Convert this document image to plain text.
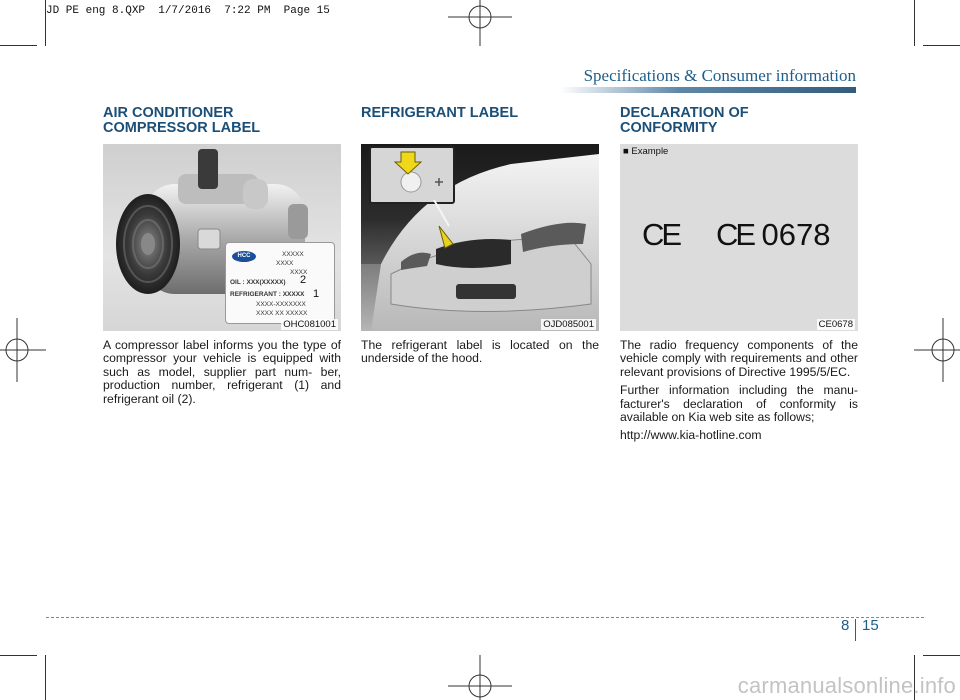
JD PE eng 8.QXP  1/7/2016  7:22 PM  Page 15
Specifications & Consumer information
AIR CONDITIONER
COMPRESSOR LABEL
HCC	XXXXX
XXXX
XXXX
OIL : XXX(XXXXX) 2
REFRIGERANT : XXXXX
XXXX-XXXXXXX
XXXX XX XXXXX
1
OHC081001

A compressor label informs you the type of compressor your vehicle is equipped with such as model, supplier part num- ber, production number, refrigerant (1) and refrigerant oil (2).

REFRIGERANT LABEL
OJD085001

The refrigerant label is located on the underside of the hood.

DECLARATION OF
CONFORMITY
■ Example
CE CE 0678
CE0678

The radio frequency components of the vehicle comply with requirements and other relevant provisions of Directive 1995/5/EC.

Further information including the manu- facturer's declaration of conformity is available on Kia web site as follows;

http://www.kia-hotline.com

8 15
carmanualsonline.info
